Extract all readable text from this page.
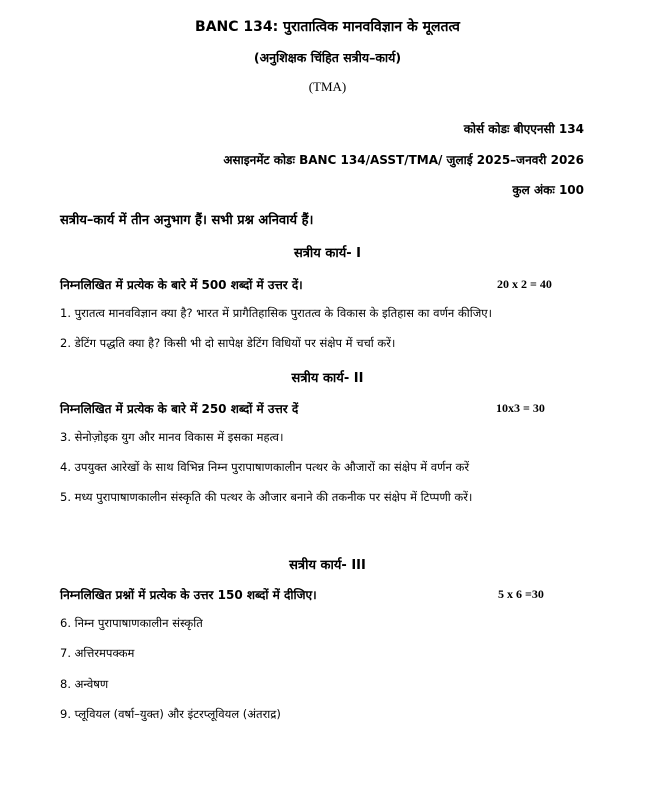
BANC 134: पुरातात्विक मानवविज्ञान के मूलतत्व
(अनुशिक्षक चिंहित सत्रीय–कार्य)
(TMA)
कोर्स कोडः बीएएनसी 134
असाइनमेंट कोडः BANC 134/ASST/TMA/ जुलाई 2025–जनवरी 2026
कुल अंकः 100
सत्रीय–कार्य में तीन अनुभाग हैं। सभी प्रश्न अनिवार्य हैं।
सत्रीय कार्य- I
निम्नलिखित में प्रत्येक के बारे में 500 शब्दों में उत्तर दें।	20 x 2 = 40
1. पुरातत्व मानवविज्ञान क्या है? भारत में प्रागैतिहासिक पुरातत्व के विकास के इतिहास का वर्णन कीजिए।
2. डेटिंग पद्धति क्या है? किसी भी दो सापेक्ष डेटिंग विधियों पर संक्षेप में चर्चा करें।
सत्रीय कार्य- II
निम्नलिखित में प्रत्येक के बारे में 250 शब्दों में उत्तर दें	10x3 = 30
3. सेनोज़ोइक युग और मानव विकास में इसका महत्व।
4. उपयुक्त आरेखों के साथ विभिन्न निम्न पुरापाषाणकालीन पत्थर के औजारों का संक्षेप में वर्णन करें
5. मध्य पुरापाषाणकालीन संस्कृति की पत्थर के औजार बनाने की तकनीक पर संक्षेप में टिप्पणी करें।
सत्रीय कार्य- III
निम्नलिखित प्रश्नों में प्रत्येक के उत्तर 150 शब्दों में दीजिए।	5 x 6 =30
6. निम्न पुरापाषाणकालीन संस्कृति
7. अत्तिरमपक्कम
8. अन्वेषण
9. प्लूवियल (वर्षा–युक्त) और इंटरप्लूवियल (अंतराद्र)
